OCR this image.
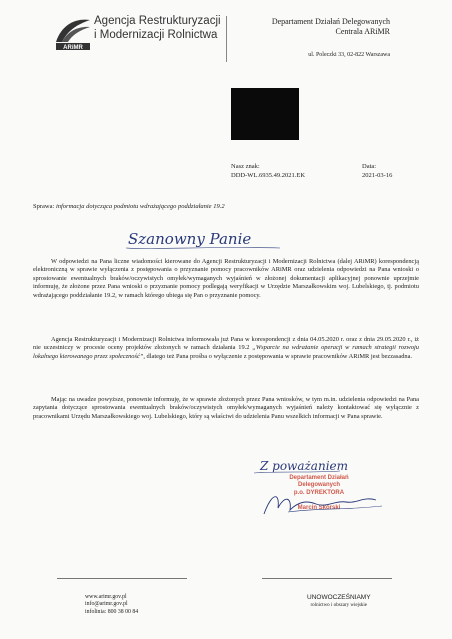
ARiMR
Agencja Restrukturyzacji
i Modernizacji Rolnictwa
Departament Działań Delegowanych
Centrala ARiMR
ul. Poleczki 33, 02-822 Warszawa
Nasz znak:
DDD-WL.6935.49.2021.EK
Data:
2021-03-16
Sprawa: informacja dotycząca podmiotu wdrażającego poddziałanie 19.2
Szanowny Panie
W odpowiedzi na Pana liczne wiadomości kierowane do Agencji Restrukturyzacji i Modernizacji Rolnictwa (dalej ARiMR) korespondencją elektroniczną w sprawie wyłączenia z postępowania o przyznanie pomocy pracowników ARiMR oraz udzielenia odpowiedzi na Pana wnioski o sprostowanie ewentualnych braków/oczywistych omyłek/wymaganych wyjaśnień w złożonej dokumentacji aplikacyjnej ponownie uprzejmie informuję, że złożone przez Pana wnioski o przyznanie pomocy podlegają weryfikacji w Urzędzie Marszałkowskim woj. Lubelskiego, tj. podmiotu wdrażającego poddziałanie 19.2, w ramach którego ubiega się Pan o przyznanie pomocy.
Agencja Restrukturyzacji i Modernizacji Rolnictwa informowała już Pana w korespondencji z dnia 04.05.2020 r. oraz z dnia 29.05.2020 r., iż nie uczestniczy w procesie oceny projektów złożonych w ramach działania 19.2 „Wsparcie na wdrażanie operacji w ramach strategii rozwoju lokalnego kierowanego przez społeczność”, dlatego też Pana prośba o wyłączenie z postępowania w sprawie pracowników ARiMR jest bezzasadna.
Mając na uwadze powyższe, ponownie informuję, że w sprawie złożonych przez Pana wniosków, w tym m.in. udzielenia odpowiedzi na Pana zapytania dotyczące sprostowania ewentualnych braków/oczywistych omyłek/wymaganych wyjaśnień należy kontaktować się wyłącznie z pracownikami Urzędu Marszałkowskiego woj. Lubelskiego, który są właściwi do udzielenia Panu wszelkich informacji w Pana sprawie.
Z poważaniem
Departament Działań
Delegowanych
p.o. DYREKTORA
Marcin Skórski
www.arimr.gov.pl
info@arimr.gov.pl
infolinia: 800 38 00 84
UNOWOCZEŚNIAMY
rolnictwo i obszary wiejskie
